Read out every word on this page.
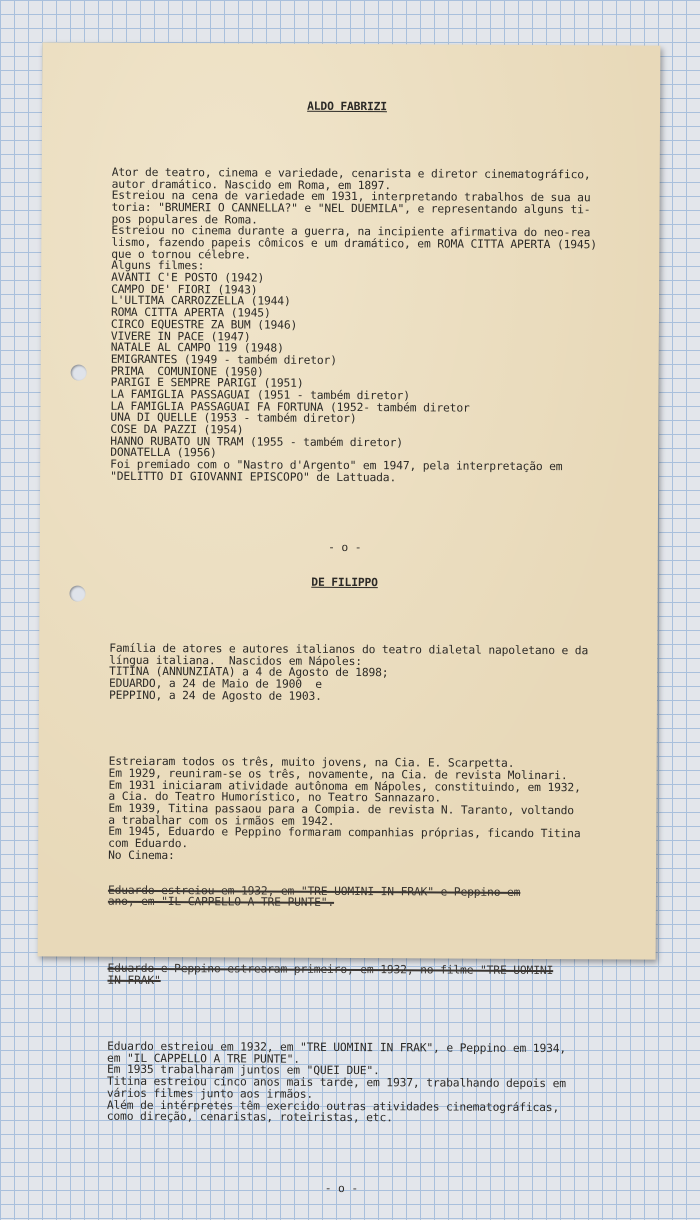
ALDO FABRIZI

Ator de teatro, cinema e variedade, cenarista e diretor cinematográfico,
autor dramático. Nascido em Roma, em 1897.
Estreiou na cena de variedade em 1931, interpretando trabalhos de sua au
toria: "BRUMERI O CANNELLA?" e "NEL DUEMILA", e representando alguns ti-
pos populares de Roma.
Estreiou no cinema durante a guerra, na incipiente afirmativa do neo-rea
lismo, fazendo papeis cômicos e um dramático, em ROMA CITTA APERTA (1945)
que o tornou célebre.
Alguns filmes:
AVANTI C'E POSTO (1942)
CAMPO DE' FIORI (1943)
L'ULTIMA CARROZZELLA (1944)
ROMA CITTA APERTA (1945)
CIRCO EQUESTRE ZA BUM (1946)
VIVERE IN PACE (1947)
NATALE AL CAMPO 119 (1948)
EMIGRANTES (1949 - também diretor)
PRIMA  COMUNIONE (1950)
PARIGI E SEMPRE PARIGI (1951)
LA FAMIGLIA PASSAGUAI (1951 - também diretor)
LA FAMIGLIA PASSAGUAI FA FORTUNA (1952- também diretor
UNA DI QUELLE (1953 - também diretor)
COSE DA PAZZI (1954)
HANNO RUBATO UN TRAM (1955 - também diretor)
DONATELLA (1956)
Foi premiado com o "Nastro d'Argento" em 1947, pela interpretação em
"DELITTO DI GIOVANNI EPISCOPO" de Lattuada.

- o -

DE FILIPPO

Família de atores e autores italianos do teatro dialetal napoletano e da
língua italiana.  Nascidos em Nápoles:
TITINA (ANNUNZIATA) a 4 de Agosto de 1898;
EDUARDO, a 24 de Maio de 1900  e
PEPPINO, a 24 de Agosto de 1903.

Estreiaram todos os três, muito jovens, na Cia. E. Scarpetta.
Em 1929, reuniram-se os três, novamente, na Cia. de revista Molinari.
Em 1931 iniciaram atividade autônoma em Nápoles, constituindo, em 1932,
a Cia. do Teatro Humorístico, no Teatro Sannazaro.
Em 1939, Titina passaou para a Compia. de revista N. Taranto, voltando
a trabalhar com os irmãos em 1942.
Em 1945, Eduardo e Peppino formaram companhias próprias, ficando Titina
com Eduardo.
No Cinema:

Eduardo estreiou em 1932, em "TRE UOMINI IN FRAK" e Peppino em
ano, em "IL CAPPELLO A TRE PUNTE".

Eduardo e Peppino estrearam primeiro, em 1932, no filme "TRE UOMINI
IN FRAK"

Eduardo estreiou em 1932, em "TRE UOMINI IN FRAK", e Peppino em 1934,
em "IL CAPPELLO A TRE PUNTE".
Em 1935 trabalharam juntos em "QUEI DUE".
Titina estreiou cinco anos mais tarde, em 1937, trabalhando depois em
vários filmes junto aos irmãos.
Além de intérpretes têm exercido outras atividades cinematográficas,
como direção, cenaristas, roteiristas, etc.

- o -
